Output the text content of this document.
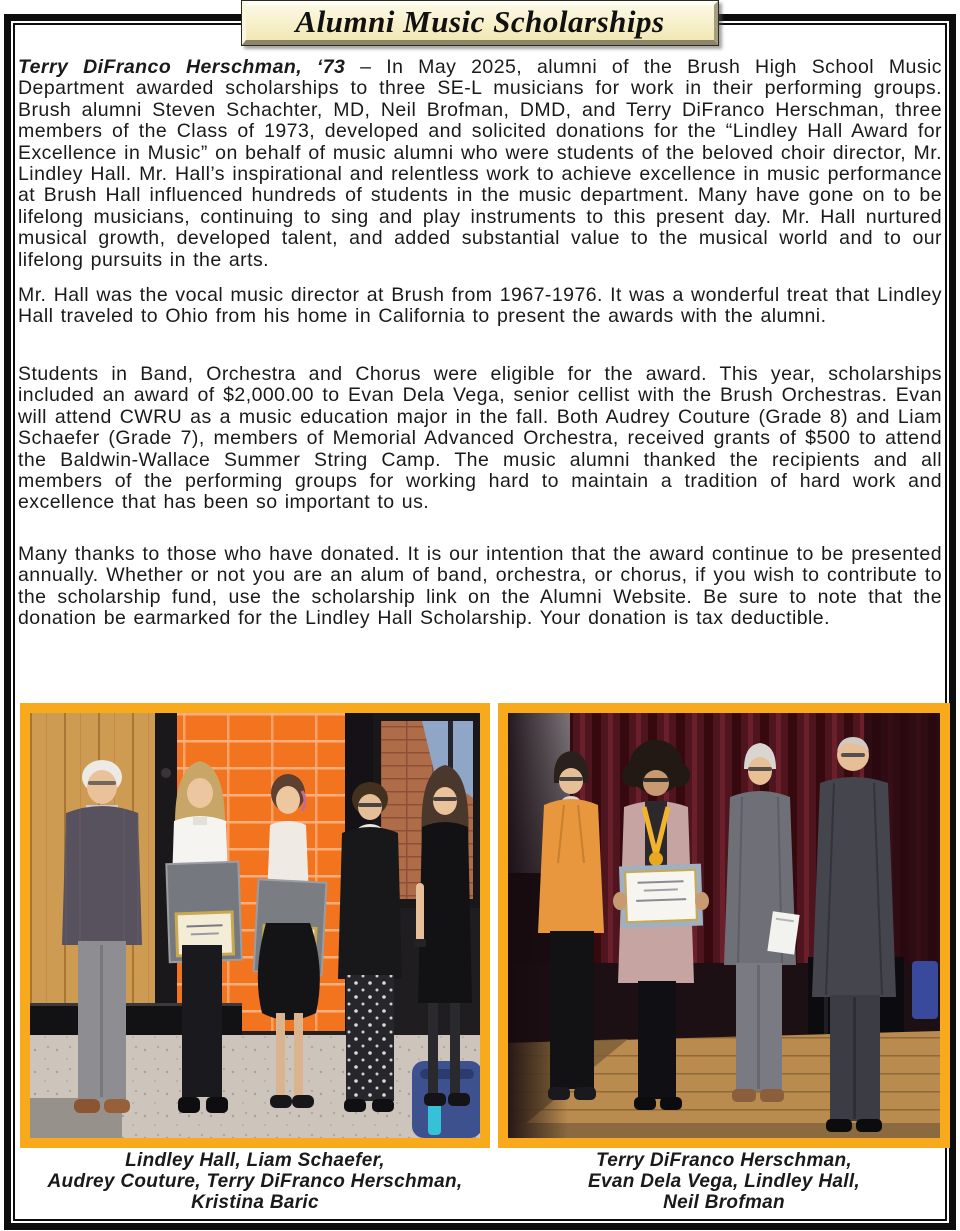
Alumni Music Scholarships

Terry DiFranco Herschman, ‘73 – In May 2025, alumni of the Brush High School Music Department awarded scholarships to three SE-L musicians for work in their performing groups. Brush alumni Steven Schachter, MD, Neil Brofman, DMD, and Terry DiFranco Herschman, three members of the Class of 1973, developed and solicited donations for the “Lindley Hall Award for Excellence in Music” on behalf of music alumni who were students of the beloved choir director, Mr. Lindley Hall. Mr. Hall’s inspirational and relentless work to achieve excellence in music performance at Brush Hall influenced hundreds of students in the music department. Many have gone on to be lifelong musicians, continuing to sing and play instruments to this present day. Mr. Hall nurtured musical growth, developed talent, and added substantial value to the musical world and to our lifelong pursuits in the arts.

Mr. Hall was the vocal music director at Brush from 1967-1976. It was a wonderful treat that Lindley Hall traveled to Ohio from his home in California to present the awards with the alumni.

Students in Band, Orchestra and Chorus were eligible for the award. This year, scholarships included an award of $2,000.00 to Evan Dela Vega, senior cellist with the Brush Orchestras. Evan will attend CWRU as a music education major in the fall. Both Audrey Couture (Grade 8) and Liam Schaefer (Grade 7), members of Memorial Advanced Orchestra, received grants of $500 to attend the Baldwin-Wallace Summer String Camp. The music alumni thanked the recipients and all members of the performing groups for working hard to maintain a tradition of hard work and excellence that has been so important to us.

Many thanks to those who have donated. It is our intention that the award continue to be presented annually. Whether or not you are an alum of band, orchestra, or chorus, if you wish to contribute to the scholarship fund, use the scholarship link on the Alumni Website. Be sure to note that the donation be earmarked for the Lindley Hall Scholarship. Your donation is tax deductible.

Lindley Hall, Liam Schaefer,
Audrey Couture, Terry DiFranco Herschman,
Kristina Baric
Terry DiFranco Herschman,
Evan Dela Vega, Lindley Hall,
Neil Brofman
